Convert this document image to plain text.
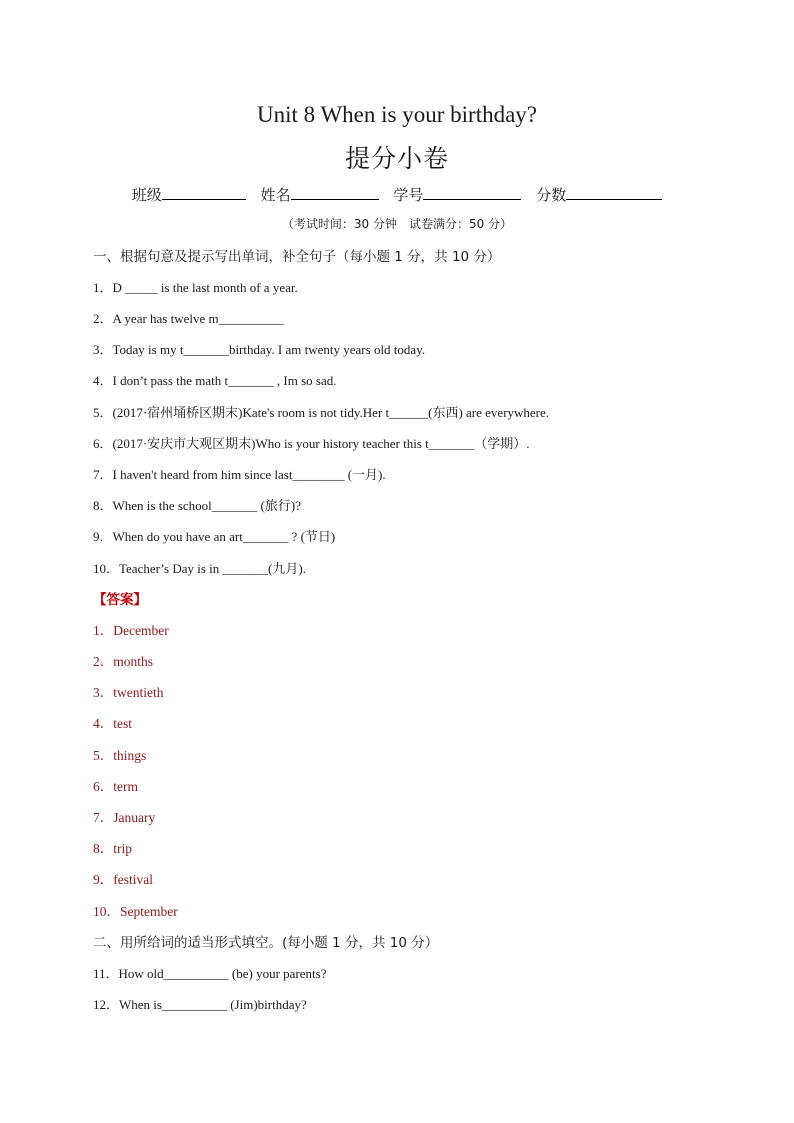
Unit 8 When is your birthday?
提分小卷
班级	姓名	学号	分数
（考试时间：30 分钟　试卷满分：50 分）
一、根据句意及提示写出单词，补全句子（每小题 1 分，共 10 分）
1．D _____ is the last month of a year.
2．A year has twelve m__________
3．Today is my t_______birthday. I am twenty years old today.
4．I don’t pass the math t_______ , Im so sad.
5．(2017·宿州埇桥区期末)Kate's room is not tidy.Her t______(东西) are everywhere.
6．(2017·安庆市大观区期末)Who is your history teacher this t_______（学期）.
7．I haven't heard from him since last________ (一月).
8．When is the school_______ (旅行)?
9．When do you have an art_______ ? (节日)
10．Teacher’s Day is in _______(九月).
【答案】
1．December
2．months
3．twentieth
4．test
5．things
6．term
7．January
8．trip
9．festival
10．September
二、用所给词的适当形式填空。(每小题 1 分，共 10 分）
11．How old__________ (be) your parents?
12．When is__________ (Jim)birthday?
